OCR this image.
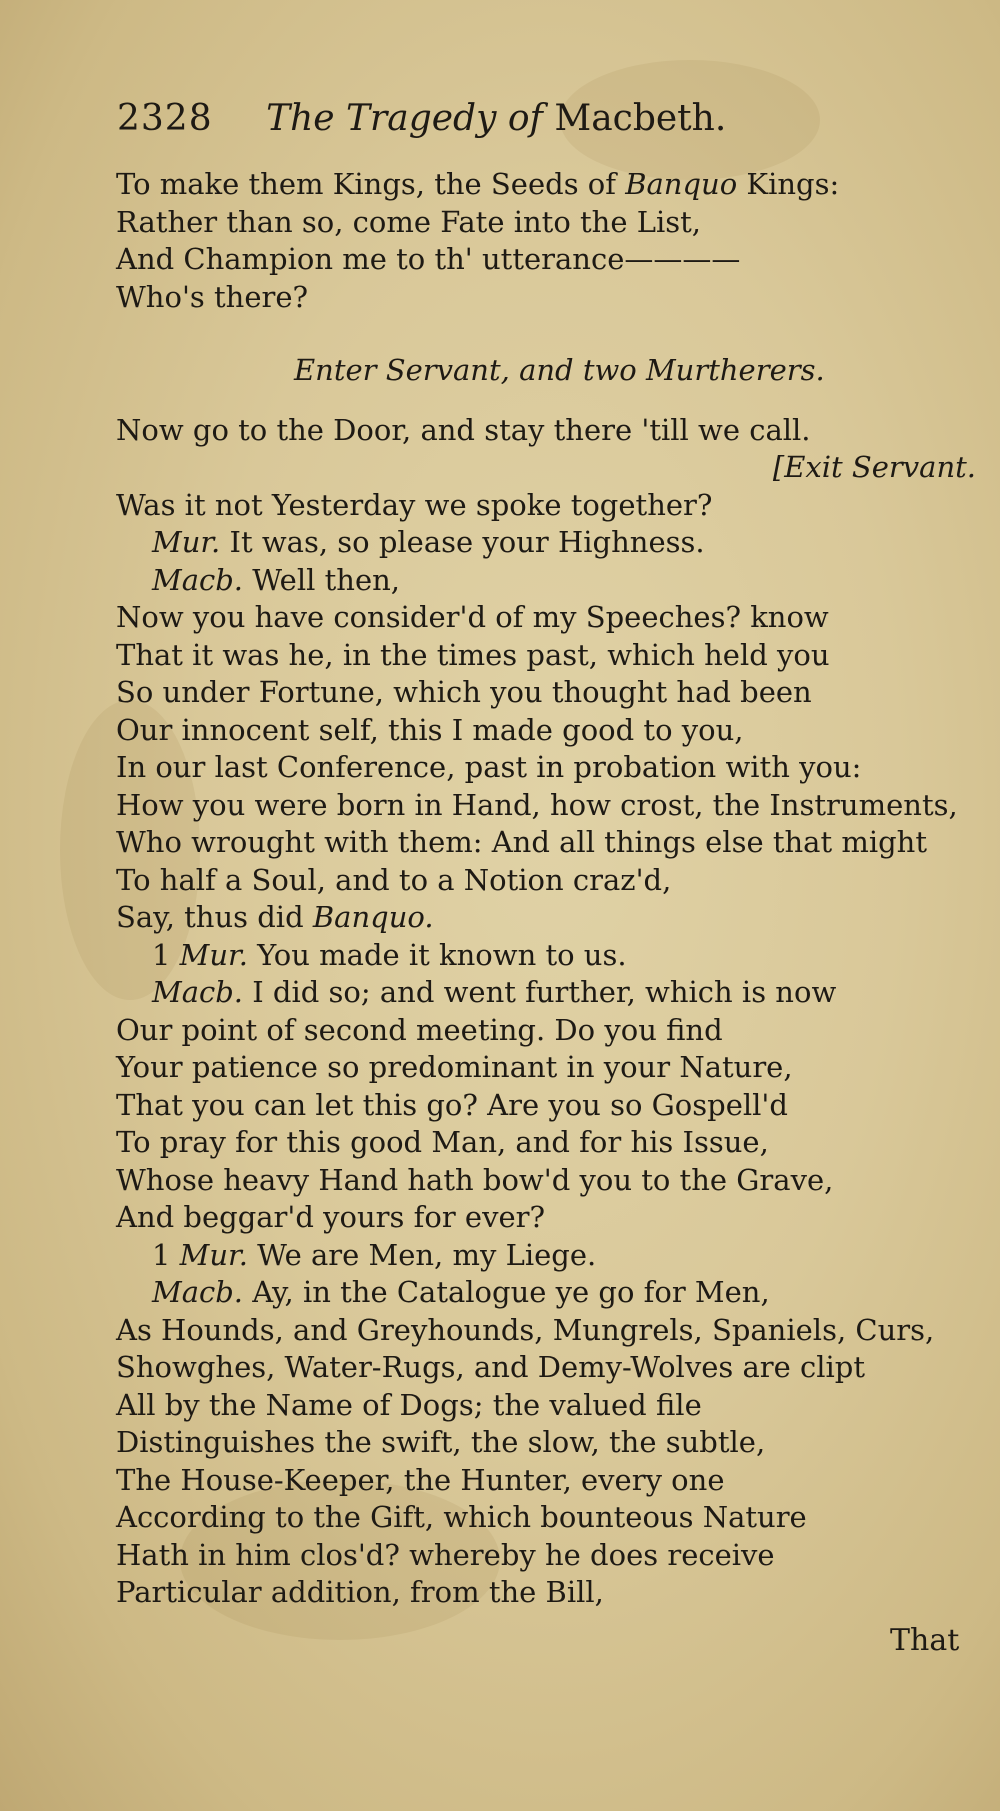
2328 The Tragedy of Macbeth.
To make them Kings, the Seeds of Banquo Kings:
Rather than so, come Fate into the List,
And Champion me to th' utterance————
Who's there?
Enter Servant, and two Murtherers.
Now go to the Door, and stay there 'till we call.
[Exit Servant.
Was it not Yesterday we spoke together?
Mur. It was, so please your Highness.
Macb. Well then,
Now you have consider'd of my Speeches? know
That it was he, in the times past, which held you
So under Fortune, which you thought had been
Our innocent self, this I made good to you,
In our last Conference, past in probation with you:
How you were born in Hand, how crost, the Instruments,
Who wrought with them: And all things else that might
To half a Soul, and to a Notion craz'd,
Say, thus did Banquo.
1 Mur. You made it known to us.
Macb. I did so; and went further, which is now
Our point of second meeting. Do you find
Your patience so predominant in your Nature,
That you can let this go? Are you so Gospell'd
To pray for this good Man, and for his Issue,
Whose heavy Hand hath bow'd you to the Grave,
And beggar'd yours for ever?
1 Mur. We are Men, my Liege.
Macb. Ay, in the Catalogue ye go for Men,
As Hounds, and Greyhounds, Mungrels, Spaniels, Curs,
Showghes, Water-Rugs, and Demy-Wolves are clipt
All by the Name of Dogs; the valued file
Distinguishes the swift, the slow, the subtle,
The House-Keeper, the Hunter, every one
According to the Gift, which bounteous Nature
Hath in him clos'd? whereby he does receive
Particular addition, from the Bill,
That
